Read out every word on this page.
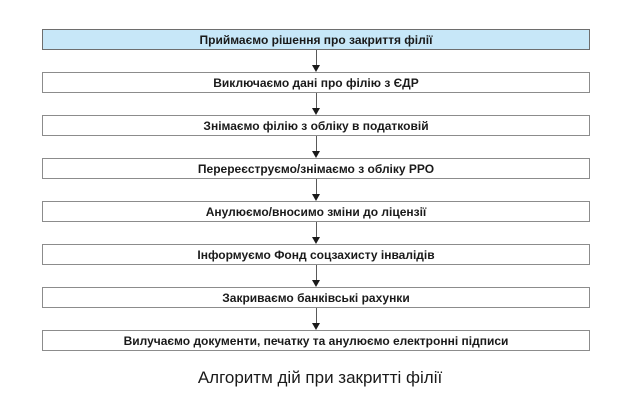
Приймаємо рішення про закриття філії
Виключаємо дані про філію з ЄДР
Знімаємо філію з обліку в податковій
Перереєструємо/знімаємо з обліку РРО
Анулюємо/вносимо зміни до ліцензії
Інформуємо Фонд соцзахисту інвалідів
Закриваємо банківські рахунки
Вилучаємо документи, печатку та анулюємо електронні підписи
Алгоритм дій при закритті філії
